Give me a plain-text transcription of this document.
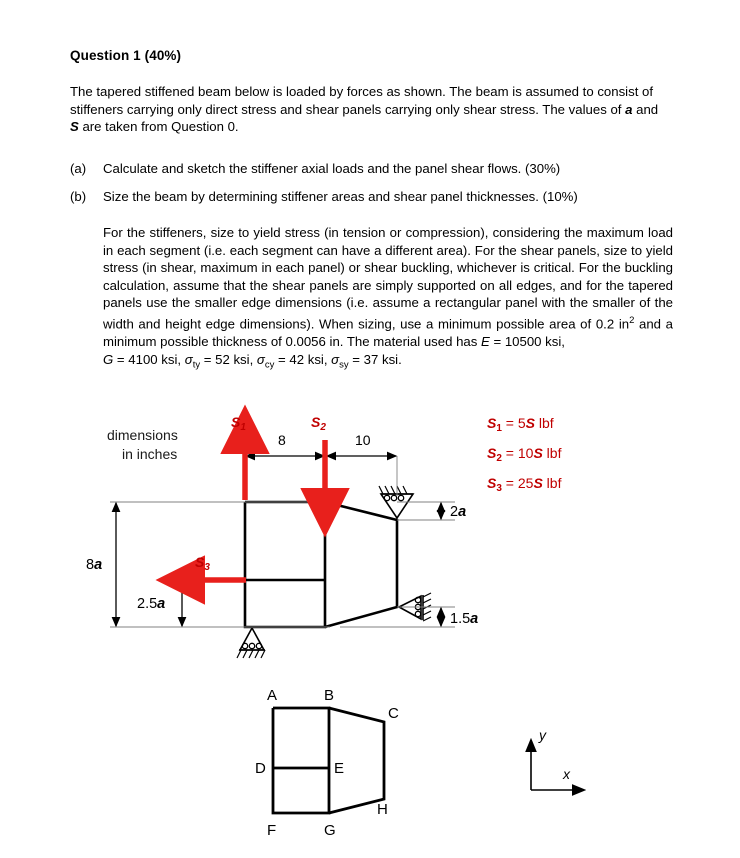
Question 1 (40%)
The tapered stiffened beam below is loaded by forces as shown. The beam is assumed to consist of stiffeners carrying only direct stress and shear panels carrying only shear stress. The values of a and S are taken from Question 0.
(a) Calculate and sketch the stiffener axial loads and the panel shear flows. (30%)
(b) Size the beam by determining stiffener areas and shear panel thicknesses. (10%)
For the stiffeners, size to yield stress (in tension or compression), considering the maximum load in each segment (i.e. each segment can have a different area). For the shear panels, size to yield stress (in shear, maximum in each panel) or shear buckling, whichever is critical. For the buckling calculation, assume that the shear panels are simply supported on all edges, and for the tapered panels use the smaller edge dimensions (i.e. assume a rectangular panel with the smaller of the width and height edge dimensions). When sizing, use a minimum possible area of 0.2 $in^2$ and a minimum possible thickness of 0.0056 in. The material used has E = 10500 ksi,
G = 4100 ksi, $\sigma_{ty} = 52$ ksi, $\sigma_{cy} = 42$ ksi, $\sigma_{sy} = 37$ ksi.
dimensions
in inches
$S_1 = 5S$ lbf
$S_2 = 10S$ lbf
$S_3 = 25S$ lbf
8	10
8a
2.5a
2a
1.5a
$S_1$	$S_2$
$S_3$
A	B
C
D	E
F	G
H
y
x
